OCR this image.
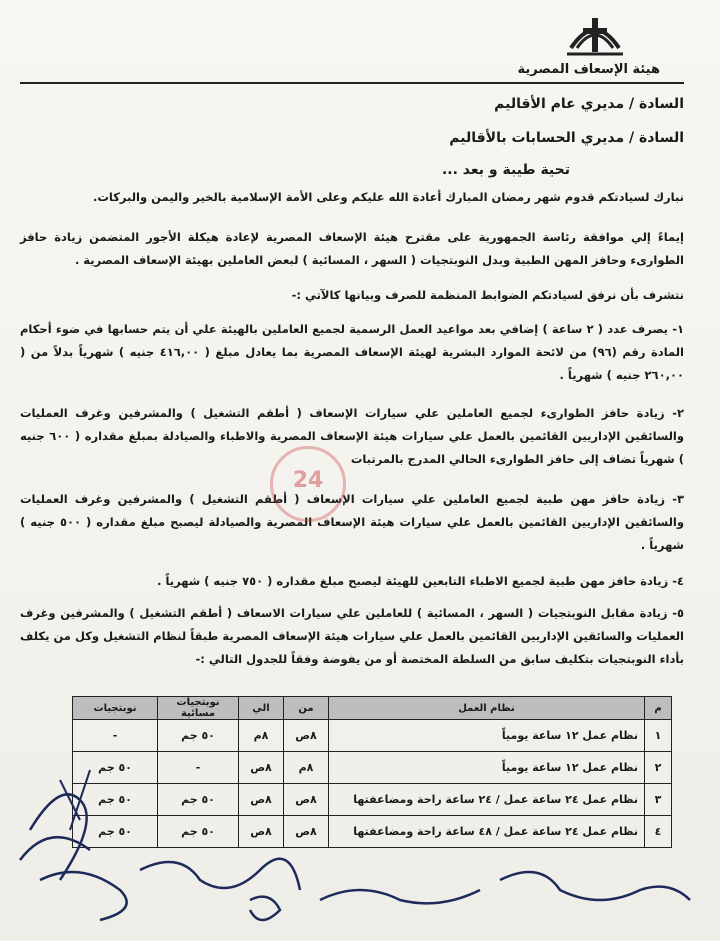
هيئة الإسعاف المصرية
السادة / مديري عام الأقاليم
السادة / مديري الحسابات بالأقاليم
تحية طيبة و بعد ...
نبارك لسيادتكم قدوم شهر رمضان المبارك أعادة الله عليكم وعلى الأمة الإسلامية بالخير واليمن والبركات.
إيماءً إلي موافقة رئاسة الجمهورية على مقترح هيئة الإسعاف المصرية لإعادة هيكلة الأجور المتضمن زيادة حافز الطوارىء وحافز المهن الطبية وبدل النوبتجيات ( السهر ، المسائية ) لبعض العاملين بهيئة الإسعاف المصرية .
نتشرف بأن نرفق لسيادتكم الضوابط المنظمة للصرف وبيانها كالآتي :-
١- يصرف عدد ( ٢ ساعة ) إضافي بعد مواعيد العمل الرسمية لجميع العاملين بالهيئة علي أن يتم حسابها في ضوء أحكام المادة رقم (٩٦) من لائحة الموارد البشرية لهيئة الإسعاف المصرية بما يعادل مبلغ ( ٤١٦,٠٠ جنيه ) شهرياً بدلاً من ( ٢٦٠,٠٠ جنيه ) شهرياً .
٢- زيادة حافز الطوارىء لجميع العاملين علي سيارات الإسعاف ( أطقم التشغيل ) والمشرفين وغرف العمليات والسائقين الإداريين القائمين بالعمل علي سيارات هيئة الإسعاف المصرية والاطباء والصيادلة بمبلغ مقداره ( ٦٠٠ جنيه ) شهرياً تضاف إلى حافز الطوارىء الحالي المدرج بالمرتبات
٣- زيادة حافز مهن طبية لجميع العاملين علي سيارات الإسعاف ( أطقم التشغيل ) والمشرفين وغرف العمليات والسائقين الإداريين القائمين بالعمل علي سيارات هيئة الإسعاف المصرية والصيادلة ليصبح مبلغ مقداره ( ٥٠٠ جنيه ) شهرياً .
٤- زيادة حافز مهن طبية لجميع الاطباء التابعين للهيئة ليصبح مبلغ مقداره ( ٧٥٠ جنيه ) شهرياً .
٥- زيادة مقابل النوبتجيات ( السهر ، المسائية ) للعاملين علي سيارات الاسعاف ( أطقم التشغيل ) والمشرفين وغرف العمليات والسائقين الإداريين القائمين بالعمل علي سيارات هيئة الإسعاف المصرية طبقاً لنظام التشغيل وكل من يكلف بأداء النوبتجيات بتكليف سابق من السلطة المختصة أو من يفوضة وفقاً للجدول التالي :-
24
م	نظام العمل	من	الي	نوبتجيات مسائية	نوبتجيات
١	نظام عمل ١٢ ساعة يومياً	٨ص	٨م	٥٠ جم	-
٢	نظام عمل ١٢ ساعة يومياً	٨م	٨ص	-	٥٠ جم
٣	نظام عمل ٢٤ ساعة عمل / ٢٤ ساعة راحة ومضاعفتها	٨ص	٨ص	٥٠ جم	٥٠ جم
٤	نظام عمل ٢٤ ساعة عمل / ٤٨ ساعة راحة ومضاعفتها	٨ص	٨ص	٥٠ جم	٥٠ جم
